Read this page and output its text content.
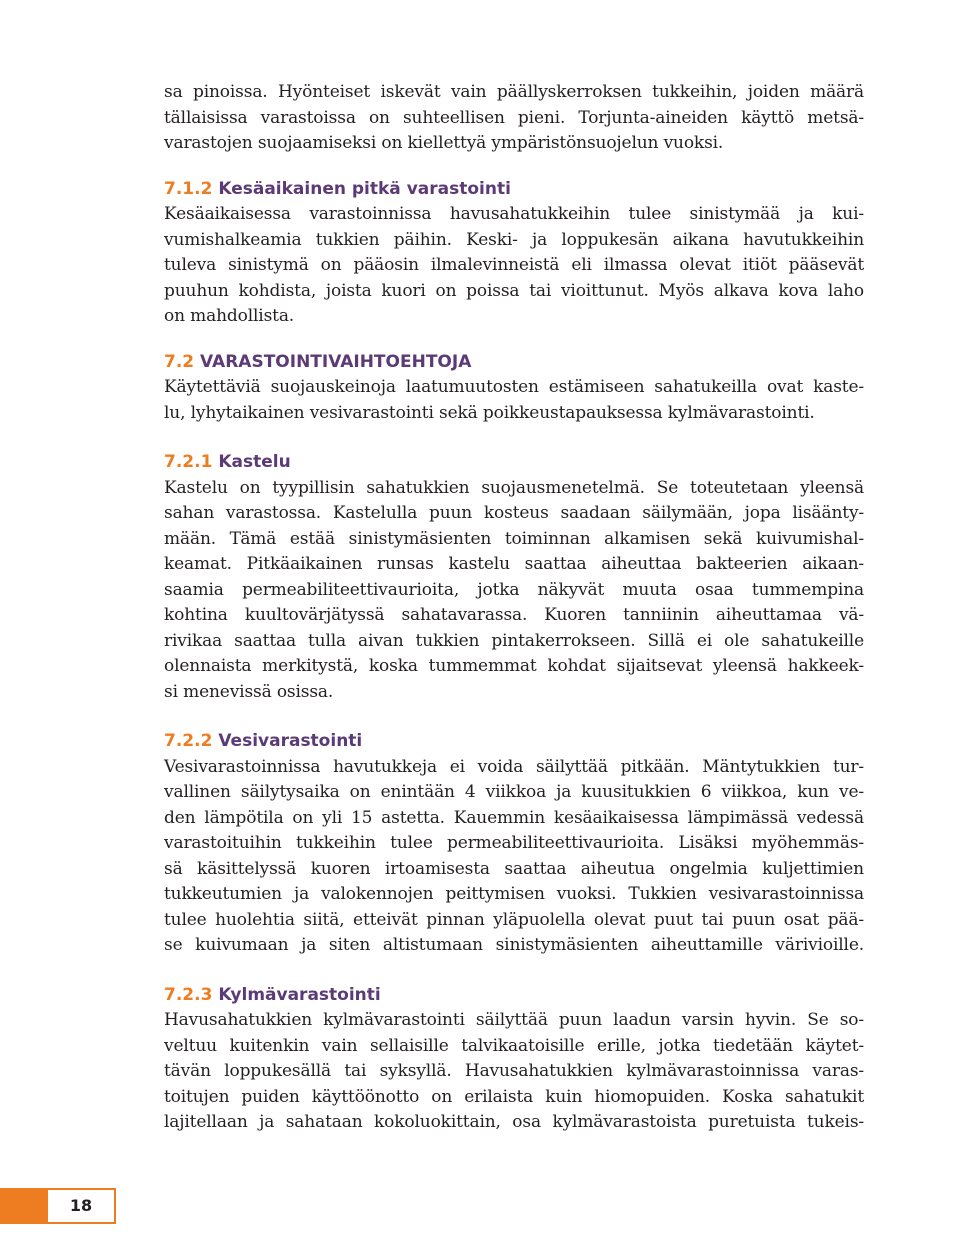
sa pinoissa. Hyönteiset iskevät vain päällyskerroksen tukkeihin, joiden määrä
tällaisissa varastoissa on suhteellisen pieni. Torjunta-aineiden käyttö metsä-
varastojen suojaamiseksi on kiellettyä ympäristönsuojelun vuoksi.

7.1.2 Kesäaikainen pitkä varastointi

Kesäaikaisessa varastoinnissa havusahatukkeihin tulee sinistymää ja kui-
vumishalkeamia tukkien päihin. Keski- ja loppukesän aikana havutukkeihin
tuleva sinistymä on pääosin ilmalevinneistä eli ilmassa olevat itiöt pääsevät
puuhun kohdista, joista kuori on poissa tai vioittunut. Myös alkava kova laho
on mahdollista.

7.2 VARASTOINTIVAIHTOEHTOJA

Käytettäviä suojauskeinoja laatumuutosten estämiseen sahatukeilla ovat kaste-
lu, lyhytaikainen vesivarastointi sekä poikkeustapauksessa kylmävarastointi.

7.2.1 Kastelu

Kastelu on tyypillisin sahatukkien suojausmenetelmä. Se toteutetaan yleensä
sahan varastossa. Kastelulla puun kosteus saadaan säilymään, jopa lisäänty-
mään. Tämä estää sinistymäsienten toiminnan alkamisen sekä kuivumishal-
keamat. Pitkäaikainen runsas kastelu saattaa aiheuttaa bakteerien aikaan-
saamia permeabiliteettivaurioita, jotka näkyvät muuta osaa tummempina
kohtina kuultovärjätyssä sahatavarassa. Kuoren tanniinin aiheuttamaa vä-
rivikaa saattaa tulla aivan tukkien pintakerrokseen. Sillä ei ole sahatukeille
olennaista merkitystä, koska tummemmat kohdat sijaitsevat yleensä hakkeek-
si menevissä osissa.

7.2.2 Vesivarastointi

Vesivarastoinnissa havutukkeja ei voida säilyttää pitkään. Mäntytukkien tur-
vallinen säilytysaika on enintään 4 viikkoa ja kuusitukkien 6 viikkoa, kun ve-
den lämpötila on yli 15 astetta. Kauemmin kesäaikaisessa lämpimässä vedessä
varastoituihin tukkeihin tulee permeabiliteettivaurioita. Lisäksi myöhemmäs-
sä käsittelyssä kuoren irtoamisesta saattaa aiheutua ongelmia kuljettimien
tukkeutumien ja valokennojen peittymisen vuoksi. Tukkien vesivarastoinnissa
tulee huolehtia siitä, etteivät pinnan yläpuolella olevat puut tai puun osat pää-
se kuivumaan ja siten altistumaan sinistymäsienten aiheuttamille värivioille.

7.2.3 Kylmävarastointi

Havusahatukkien kylmävarastointi säilyttää puun laadun varsin hyvin. Se so-
veltuu kuitenkin vain sellaisille talvikaatoisille erille, jotka tiedetään käytet-
tävän loppukesällä tai syksyllä. Havusahatukkien kylmävarastoinnissa varas-
toitujen puiden käyttöönotto on erilaista kuin hiomopuiden. Koska sahatukit
lajitellaan ja sahataan kokoluokittain, osa kylmävarastoista puretuista tukeis-

18
